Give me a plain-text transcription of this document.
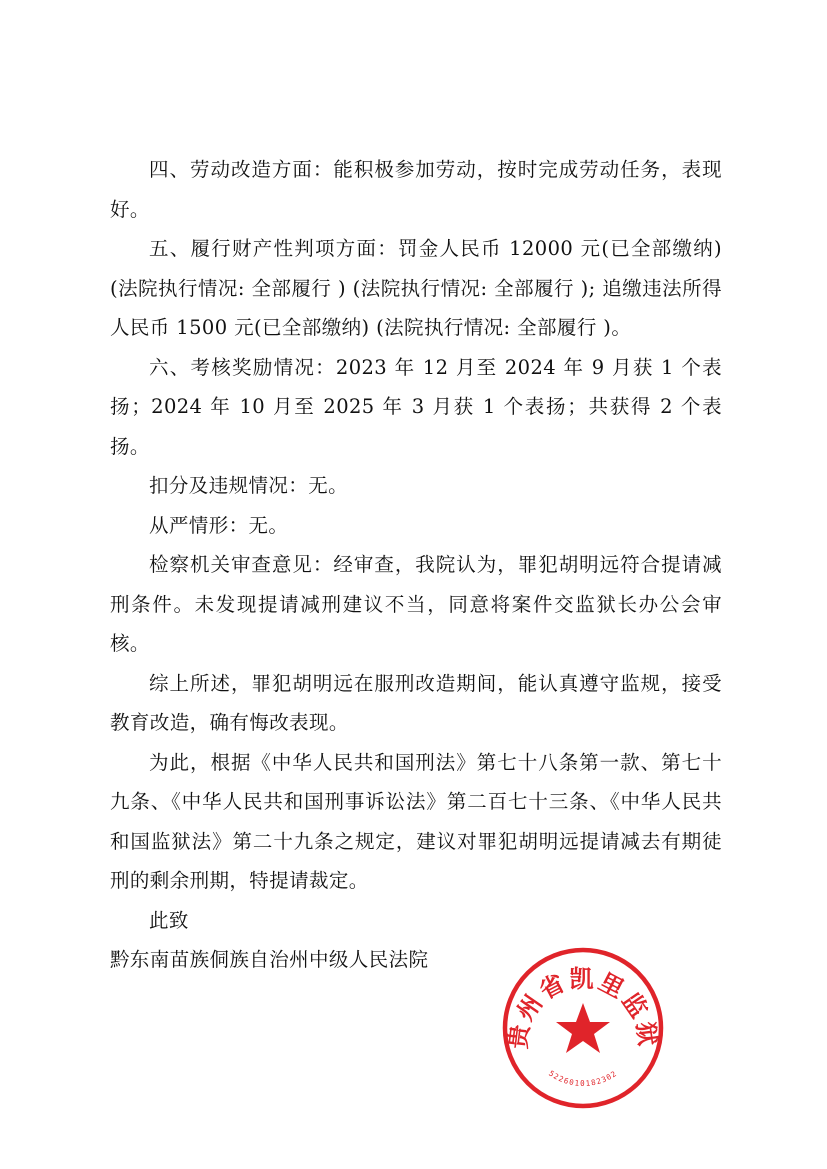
四、劳动改造方面：能积极参加劳动，按时完成劳动任务，表现好。

五、履行财产性判项方面：罚金人民币 12000 元(已全部缴纳) (法院执行情况: 全部履行 ) (法院执行情况: 全部履行 ); 追缴违法所得人民币 1500 元(已全部缴纳) (法院执行情况: 全部履行 )。

六、考核奖励情况：2023 年 12 月至 2024 年 9 月获 1 个表扬；2024 年 10 月至 2025 年 3 月获 1 个表扬；共获得 2 个表扬。

扣分及违规情况：无。

从严情形：无。

检察机关审查意见：经审查，我院认为，罪犯胡明远符合提请减刑条件。未发现提请减刑建议不当，同意将案件交监狱长办公会审核。

综上所述，罪犯胡明远在服刑改造期间，能认真遵守监规，接受教育改造，确有悔改表现。

为此，根据《中华人民共和国刑法》第七十八条第一款、第七十九条、《中华人民共和国刑事诉讼法》第二百七十三条、《中华人民共和国监狱法》第二十九条之规定，建议对罪犯胡明远提请减去有期徒刑的剩余刑期，特提请裁定。

此致

黔东南苗族侗族自治州中级人民法院

贵州省凯里监狱
5226010182302
